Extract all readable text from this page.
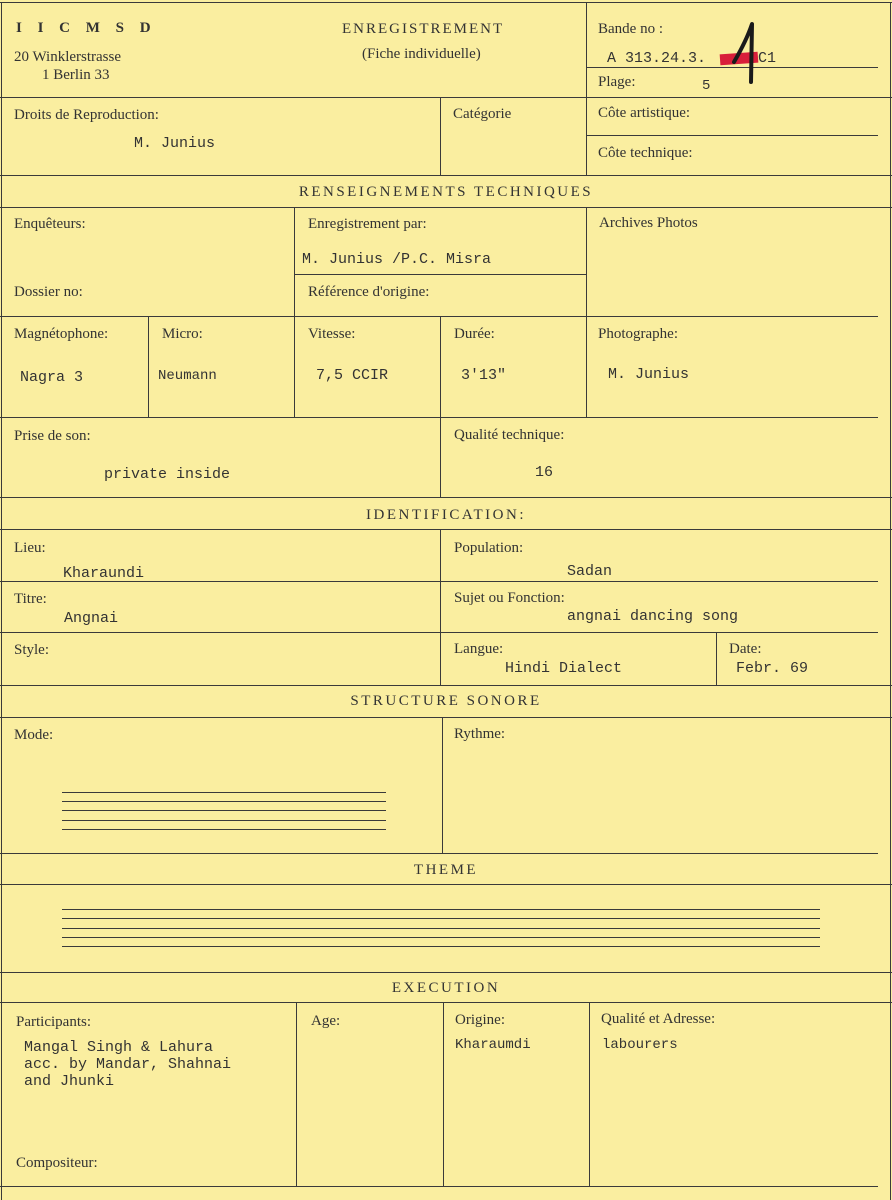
I I C M S D
20 Winklerstrasse
1 Berlin 33
ENREGISTREMENT
(Fiche individuelle)
Bande no :
A 313.24.3.	C1
Plage:	5
Droits de Reproduction:
M. Junius
Catégorie	Côte artistique:
Côte technique:
RENSEIGNEMENTS TECHNIQUES
Enquêteurs:
Dossier no:
Enregistrement par:
M. Junius /P.C. Misra
Référence d'origine:
Archives Photos
Magnétophone:
Nagra 3
Micro:
Neumann
Vitesse:
7,5 CCIR
Durée:
3'13"
Photographe:
M. Junius
Prise de son:
private inside
Qualité technique:
16
IDENTIFICATION:
Lieu:
Kharaundi
Population:
Sadan
Titre:
Angnai
Sujet ou Fonction:
angnai dancing song
Style:	Langue:
Hindi Dialect
Date:
Febr. 69
STRUCTURE SONORE
Mode:	Rythme:
THEME
EXECUTION
Participants:
Mangal Singh & Lahura
acc. by Mandar, Shahnai
and Jhunki
Age:	Origine:
Kharaumdi
Qualité et Adresse:
labourers
Compositeur:
